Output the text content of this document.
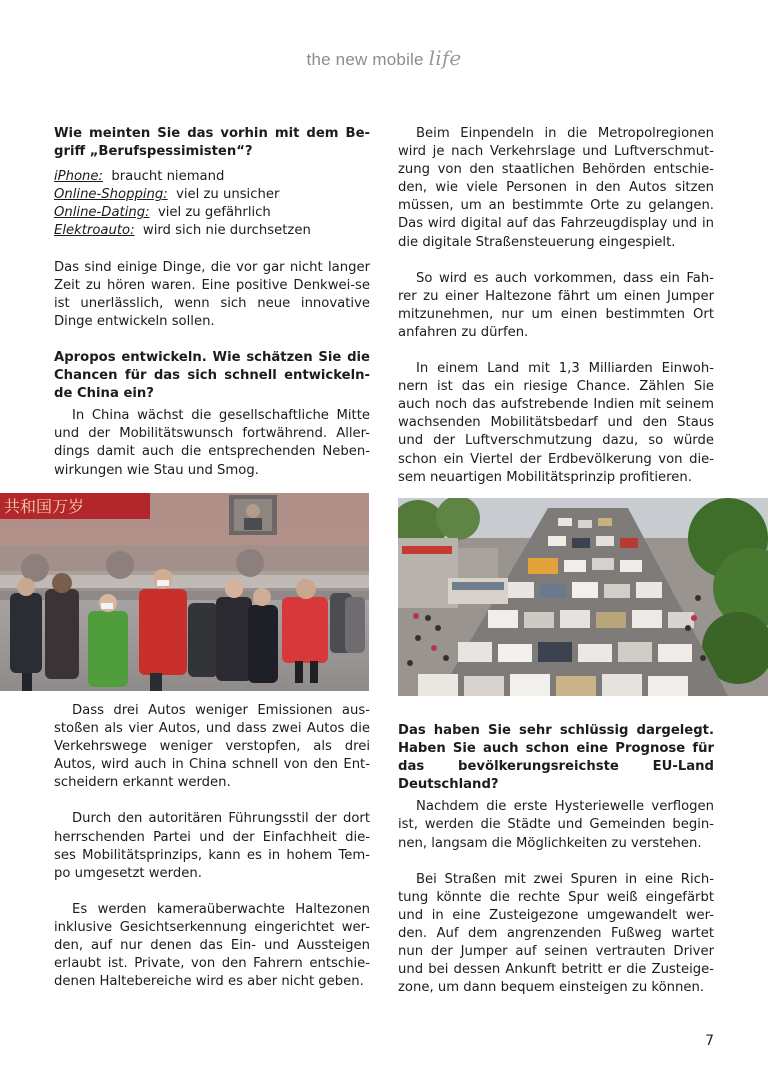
the new mobile life

Wie meinten Sie das vorhin mit dem Be-griff „Berufspessimisten“?

iPhone: braucht niemand
Online-Shopping: viel zu unsicher
Online-Dating: viel zu gefährlich
Elektroauto: wird sich nie durchsetzen

Das sind einige Dinge, die vor gar nicht langer Zeit zu hören waren. Eine positive Denkwei-se ist unerlässlich, wenn sich neue innovative Dinge entwickeln sollen.

Apropos entwickeln. Wie schätzen Sie die Chancen für das sich schnell entwickeln-de China ein?

In China wächst die gesellschaftliche Mitte und der Mobilitätswunsch fortwährend. Aller-dings damit auch die entsprechenden Neben-wirkungen wie Stau und Smog.

共和国万岁

Dass drei Autos weniger Emissionen aus-stoßen als vier Autos, und dass zwei Autos die Verkehrswege weniger verstopfen, als drei Autos, wird auch in China schnell von den Ent-scheidern erkannt werden.

Durch den autoritären Führungsstil der dort herrschenden Partei und der Einfachheit die-ses Mobilitätsprinzips, kann es in hohem Tem-po umgesetzt werden.

Es werden kameraüberwachte Haltezonen inklusive Gesichtserkennung eingerichtet wer-den, auf nur denen das Ein- und Aussteigen erlaubt ist. Private, von den Fahrern entschie-denen Haltebereiche wird es aber nicht geben.

Beim Einpendeln in die Metropolregionen wird je nach Verkehrslage und Luftverschmut-zung von den staatlichen Behörden entschie-den, wie viele Personen in den Autos sitzen müssen, um an bestimmte Orte zu gelangen. Das wird digital auf das Fahrzeugdisplay und in die digitale Straßensteuerung eingespielt.

So wird es auch vorkommen, dass ein Fah-rer zu einer Haltezone fährt um einen Jumper mitzunehmen, nur um einen bestimmten Ort anfahren zu dürfen.

In einem Land mit 1,3 Milliarden Einwoh-nern ist das ein riesige Chance. Zählen Sie auch noch das aufstrebende Indien mit seinem wachsenden Mobilitätsbedarf und den Staus und der Luftverschmutzung dazu, so würde schon ein Viertel der Erdbevölkerung von die-sem neuartigen Mobilitätsprinzip profitieren.

Das haben Sie sehr schlüssig dargelegt. Haben Sie auch schon eine Prognose für das bevölkerungsreichste EU-Land Deutschland?

Nachdem die erste Hysteriewelle verflogen ist, werden die Städte und Gemeinden begin-nen, langsam die Möglichkeiten zu verstehen.

Bei Straßen mit zwei Spuren in eine Rich-tung könnte die rechte Spur weiß eingefärbt und in eine Zusteigezone umgewandelt wer-den. Auf dem angrenzenden Fußweg wartet nun der Jumper auf seinen vertrauten Driver und bei dessen Ankunft betritt er die Zusteige-zone, um dann bequem einsteigen zu können.

7
